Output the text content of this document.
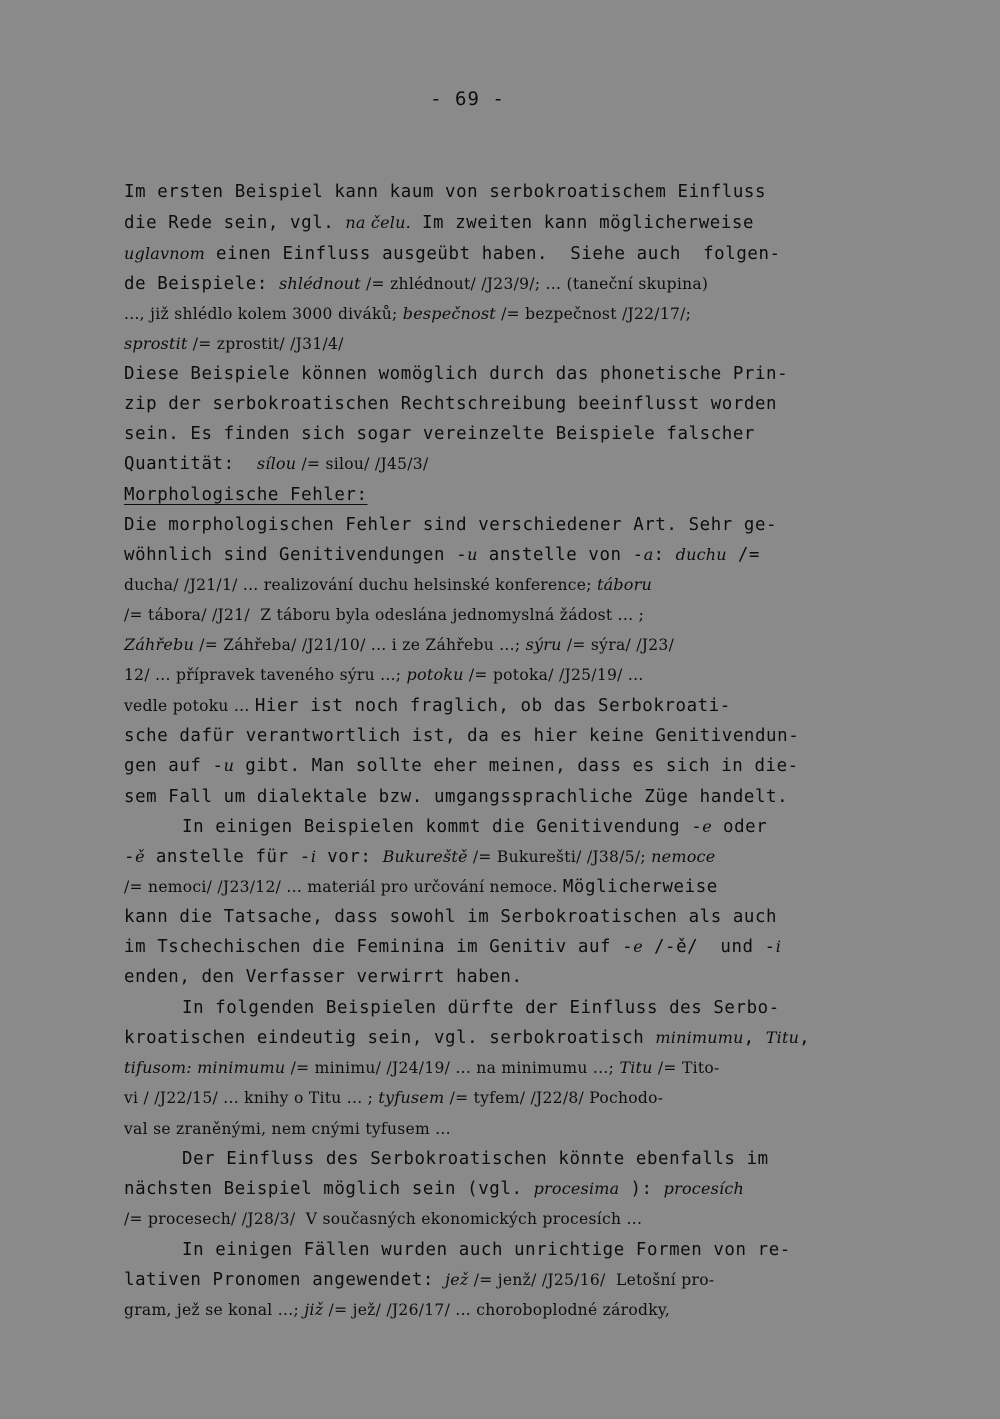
- 69 -
Im ersten Beispiel kann kaum von serbokroatischem Einfluss
die Rede sein, vgl. na čelu. Im zweiten kann möglicherweise
uglavnom einen Einfluss ausgeübt haben.  Siehe auch  folgen-
de Beispiele: shlédnout /= zhlédnout/ /J23/9/; ... (taneční skupina)
..., již shlédlo kolem 3000 diváků; bespečnost /= bezpečnost /J22/17/;
sprostit /= zprostit/ /J31/4/
Diese Beispiele können womöglich durch das phonetische Prin-
zip der serbokroatischen Rechtschreibung beeinflusst worden
sein. Es finden sich sogar vereinzelte Beispiele falscher
Quantität:  sílou /= silou/ /J45/3/
Morphologische Fehler:
Die morphologischen Fehler sind verschiedener Art. Sehr ge-
wöhnlich sind Genitivendungen -u anstelle von -a: duchu /=
ducha/ /J21/1/ ... realizování duchu helsinské konference; táboru
/= tábora/ /J21/  Z táboru byla odeslána jednomyslná žádost ... ;
Záhřebu /= Záhřeba/ /J21/10/ ... i ze Záhřebu ...; sýru /= sýra/ /J23/
12/ ... přípravek taveného sýru ...; potoku /= potoka/ /J25/19/ ...
vedle potoku ... Hier ist noch fraglich, ob das Serbokroati-
sche dafür verantwortlich ist, da es hier keine Genitivendun-
gen auf -u gibt. Man sollte eher meinen, dass es sich in die-
sem Fall um dialektale bzw. umgangssprachliche Züge handelt.
In einigen Beispielen kommt die Genitivendung -e oder
-ě anstelle für -i vor: Bukureště /= Bukurešti/ /J38/5/; nemoce
/= nemoci/ /J23/12/ ... materiál pro určování nemoce. Möglicherweise
kann die Tatsache, dass sowohl im Serbokroatischen als auch
im Tschechischen die Feminina im Genitiv auf -e /-ě/  und -i
enden, den Verfasser verwirrt haben.
In folgenden Beispielen dürfte der Einfluss des Serbo-
kroatischen eindeutig sein, vgl. serbokroatisch minimumu, Titu,
tifusom: minimumu /= minimu/ /J24/19/ ... na minimumu ...; Titu /= Tito-
vi / /J22/15/ ... knihy o Titu ... ; tyfusem /= tyfem/ /J22/8/ Pochodo-
val se zraněnými, nem cnými tyfusem ...
Der Einfluss des Serbokroatischen könnte ebenfalls im
nächsten Beispiel möglich sein (vgl. procesima ): procesích
/= procesech/ /J28/3/  V současných ekonomických procesích ...
In einigen Fällen wurden auch unrichtige Formen von re-
lativen Pronomen angewendet: jež /= jenž/ /J25/16/  Letošní pro-
gram, jež se konal ...; již /= jež/ /J26/17/ ... choroboplodné zárodky,
